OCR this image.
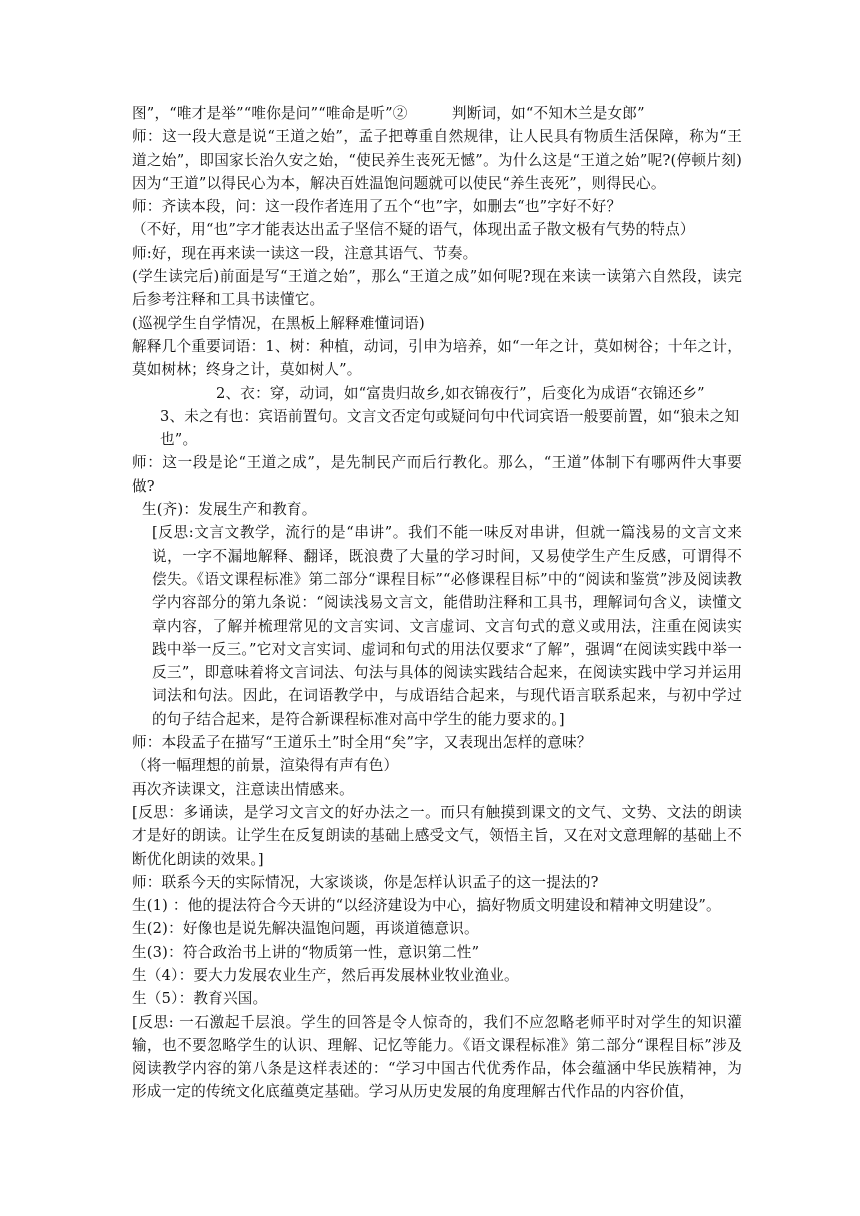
图”，“唯才是举”“唯你是问”“唯命是听”②　　　判断词，如“不知木兰是女郎”

师：这一段大意是说“王道之始”，孟子把尊重自然规律，让人民具有物质生活保障，称为“王道之始”，即国家长治久安之始，“使民养生丧死无憾”。为什么这是“王道之始”呢?(停顿片刻) 因为“王道”以得民心为本，解决百姓温饱问题就可以使民“养生丧死”，则得民心。

师：齐读本段，问：这一段作者连用了五个“也”字，如删去“也”字好不好？

（不好，用“也”字才能表达出孟子坚信不疑的语气，体现出孟子散文极有气势的特点）

师:好，现在再来读一读这一段，注意其语气、节奏。

(学生读完后)前面是写“王道之始”，那么“王道之成”如何呢?现在来读一读第六自然段，读完后参考注释和工具书读懂它。

(巡视学生自学情况，在黑板上解释难懂词语)

解释几个重要词语：1、树：种植，动词，引申为培养，如“一年之计，莫如树谷；十年之计，莫如树林；终身之计，莫如树人”。

2、衣：穿，动词，如“富贵归故乡,如衣锦夜行”，后变化为成语“衣锦还乡”

3、未之有也：宾语前置句。文言文否定句或疑问句中代词宾语一般要前置，如“狼未之知也”。

师：这一段是论“王道之成”，是先制民产而后行教化。那么，“王道”体制下有哪两件大事要做?

生(齐)：发展生产和教育。

[反思:文言文教学，流行的是“串讲”。我们不能一味反对串讲，但就一篇浅易的文言文来说，一字不漏地解释、翻译，既浪费了大量的学习时间，又易使学生产生反感，可谓得不偿失。《语文课程标准》第二部分“课程目标”“必修课程目标”中的“阅读和鉴赏”涉及阅读教学内容部分的第九条说：“阅读浅易文言文，能借助注释和工具书，理解词句含义，读懂文章内容，了解并梳理常见的文言实词、文言虚词、文言句式的意义或用法，注重在阅读实践中举一反三。”它对文言实词、虚词和句式的用法仅要求“了解”，强调“在阅读实践中举一反三”，即意味着将文言词法、句法与具体的阅读实践结合起来，在阅读实践中学习并运用词法和句法。因此，在词语教学中，与成语结合起来，与现代语言联系起来，与初中学过的句子结合起来，是符合新课程标准对高中学生的能力要求的。]

师：本段孟子在描写“王道乐土”时全用“矣”字，又表现出怎样的意味？

（将一幅理想的前景，渲染得有声有色）

再次齐读课文，注意读出情感来。

[反思：多诵读，是学习文言文的好办法之一。而只有触摸到课文的文气、文势、文法的朗读才是好的朗读。让学生在反复朗读的基础上感受文气，领悟主旨，又在对文意理解的基础上不断优化朗读的效果。]

师：联系今天的实际情况，大家谈谈，你是怎样认识孟子的这一提法的?

生(1) ：他的提法符合今天讲的“以经济建设为中心，搞好物质文明建设和精神文明建设”。

生(2)：好像也是说先解决温饱问题，再谈道德意识。

生(3)：符合政治书上讲的“物质第一性，意识第二性”

生（4）：要大力发展农业生产，然后再发展林业牧业渔业。

生（5）：教育兴国。

[反思: 一石激起千层浪。学生的回答是令人惊奇的，我们不应忽略老师平时对学生的知识灌输，也不要忽略学生的认识、理解、记忆等能力。《语文课程标准》第二部分“课程目标”涉及阅读教学内容的第八条是这样表述的：“学习中国古代优秀作品，体会蕴涵中华民族精神，为形成一定的传统文化底蕴奠定基础。学习从历史发展的角度理解古代作品的内容价值，
